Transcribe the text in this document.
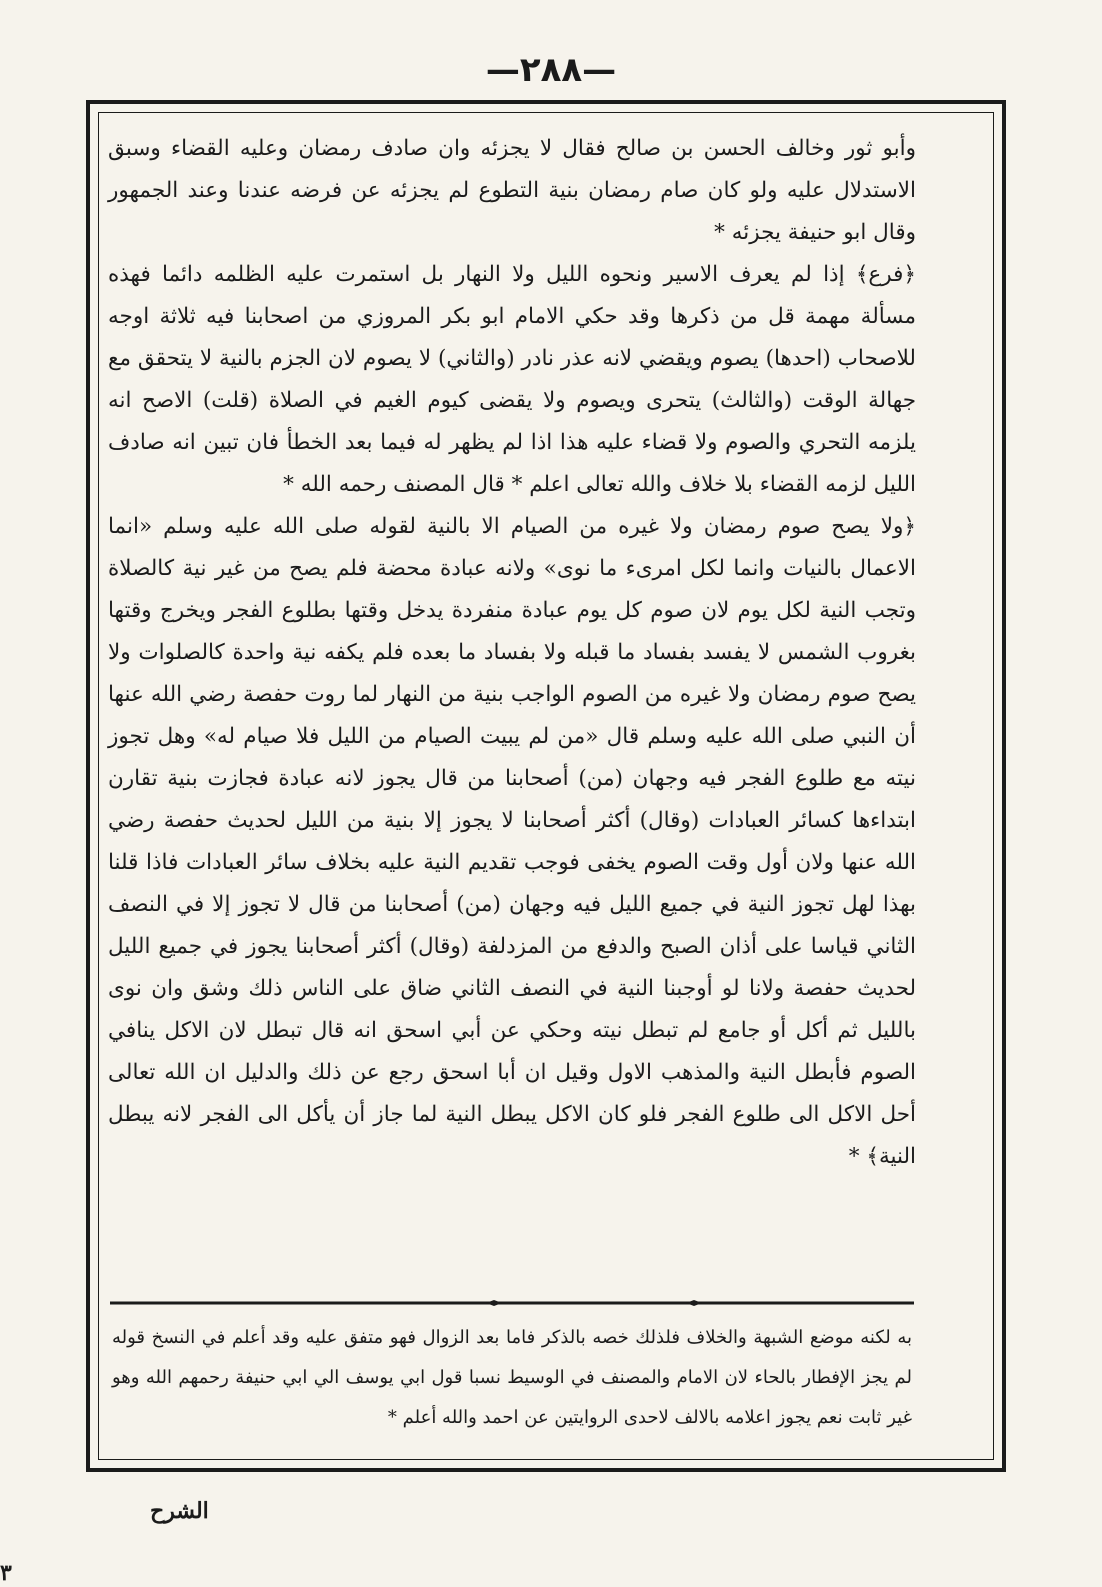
—٢٨٨—

وأبو ثور وخالف الحسن بن صالح فقال لا يجزئه وان صادف رمضان وعليه القضاء وسبق الاستدلال عليه ولو كان صام رمضان بنية التطوع لم يجزئه عن فرضه عندنا وعند الجمهور وقال ابو حنيفة يجزئه *

﴿فرع﴾ إذا لم يعرف الاسير ونحوه الليل ولا النهار بل استمرت عليه الظلمه دائما فهذه مسألة مهمة قل من ذكرها وقد حكي الامام ابو بكر المروزي من اصحابنا فيه ثلاثة اوجه للاصحاب (احدها) يصوم ويقضي لانه عذر نادر (والثاني) لا يصوم لان الجزم بالنية لا يتحقق مع جهالة الوقت (والثالث) يتحرى ويصوم ولا يقضى كيوم الغيم في الصلاة (قلت) الاصح انه يلزمه التحري والصوم ولا قضاء عليه هذا اذا لم يظهر له فيما بعد الخطأ فان تبين انه صادف الليل لزمه القضاء بلا خلاف والله تعالى اعلم * قال المصنف رحمه الله *

﴿ولا يصح صوم رمضان ولا غيره من الصيام الا بالنية لقوله صلى الله عليه وسلم «انما الاعمال بالنيات وانما لكل امرىء ما نوى» ولانه عبادة محضة فلم يصح من غير نية كالصلاة وتجب النية لكل يوم لان صوم كل يوم عبادة منفردة يدخل وقتها بطلوع الفجر ويخرج وقتها بغروب الشمس لا يفسد بفساد ما قبله ولا بفساد ما بعده فلم يكفه نية واحدة كالصلوات ولا يصح صوم رمضان ولا غيره من الصوم الواجب بنية من النهار لما روت حفصة رضي الله عنها أن النبي صلى الله عليه وسلم قال «من لم يبيت الصيام من الليل فلا صيام له» وهل تجوز نيته مع طلوع الفجر فيه وجهان (من) أصحابنا من قال يجوز لانه عبادة فجازت بنية تقارن ابتداءها كسائر العبادات (وقال) أكثر أصحابنا لا يجوز إلا بنية من الليل لحديث حفصة رضي الله عنها ولان أول وقت الصوم يخفى فوجب تقديم النية عليه بخلاف سائر العبادات فاذا قلنا بهذا لهل تجوز النية في جميع الليل فيه وجهان (من) أصحابنا من قال لا تجوز إلا في النصف الثاني قياسا على أذان الصبح والدفع من المزدلفة (وقال) أكثر أصحابنا يجوز في جميع الليل لحديث حفصة ولانا لو أوجبنا النية في النصف الثاني ضاق على الناس ذلك وشق وان نوى بالليل ثم أكل أو جامع لم تبطل نيته وحكي عن أبي اسحق انه قال تبطل لان الاكل ينافي الصوم فأبطل النية والمذهب الاول وقيل ان أبا اسحق رجع عن ذلك والدليل ان الله تعالى أحل الاكل الى طلوع الفجر فلو كان الاكل يبطل النية لما جاز أن يأكل الى الفجر لانه يبطل النية﴾ *

به لكنه موضع الشبهة والخلاف فلذلك خصه بالذكر فاما بعد الزوال فهو متفق عليه وقد أعلم في النسخ قوله لم يجز الإفطار بالحاء لان الامام والمصنف في الوسيط نسبا قول ابي يوسف الي ابي حنيفة رحمهم الله وهو غير ثابت نعم يجوز اعلامه بالالف لاحدى الروايتين عن احمد والله أعلم *
الشرح
٣
